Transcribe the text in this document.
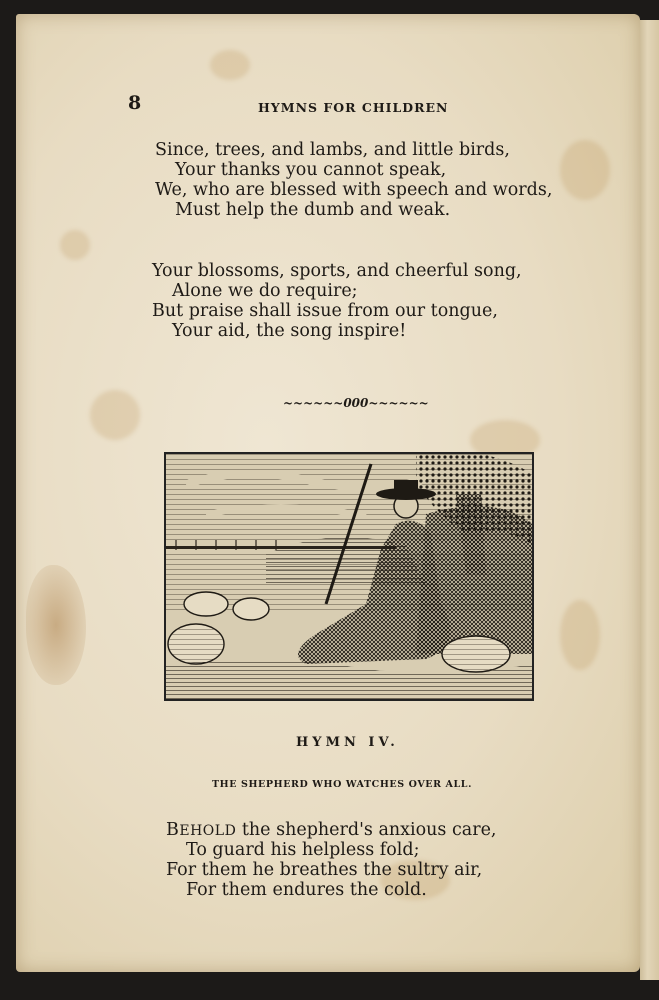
8	HYMNS FOR CHILDREN
Since, trees, and lambs, and little birds,
Your thanks you cannot speak,
We, who are blessed with speech and words,
Must help the dumb and weak.
Your blossoms, sports, and cheerful song,
Alone we do require;
But praise shall issue from our tongue,
Your aid, the song inspire!
~~~~~~000~~~~~~
HYMN IV.
THE SHEPHERD WHO WATCHES OVER ALL.
BEHOLD the shepherd's anxious care,
To guard his helpless fold;
For them he breathes the sultry air,
For them endures the cold.
